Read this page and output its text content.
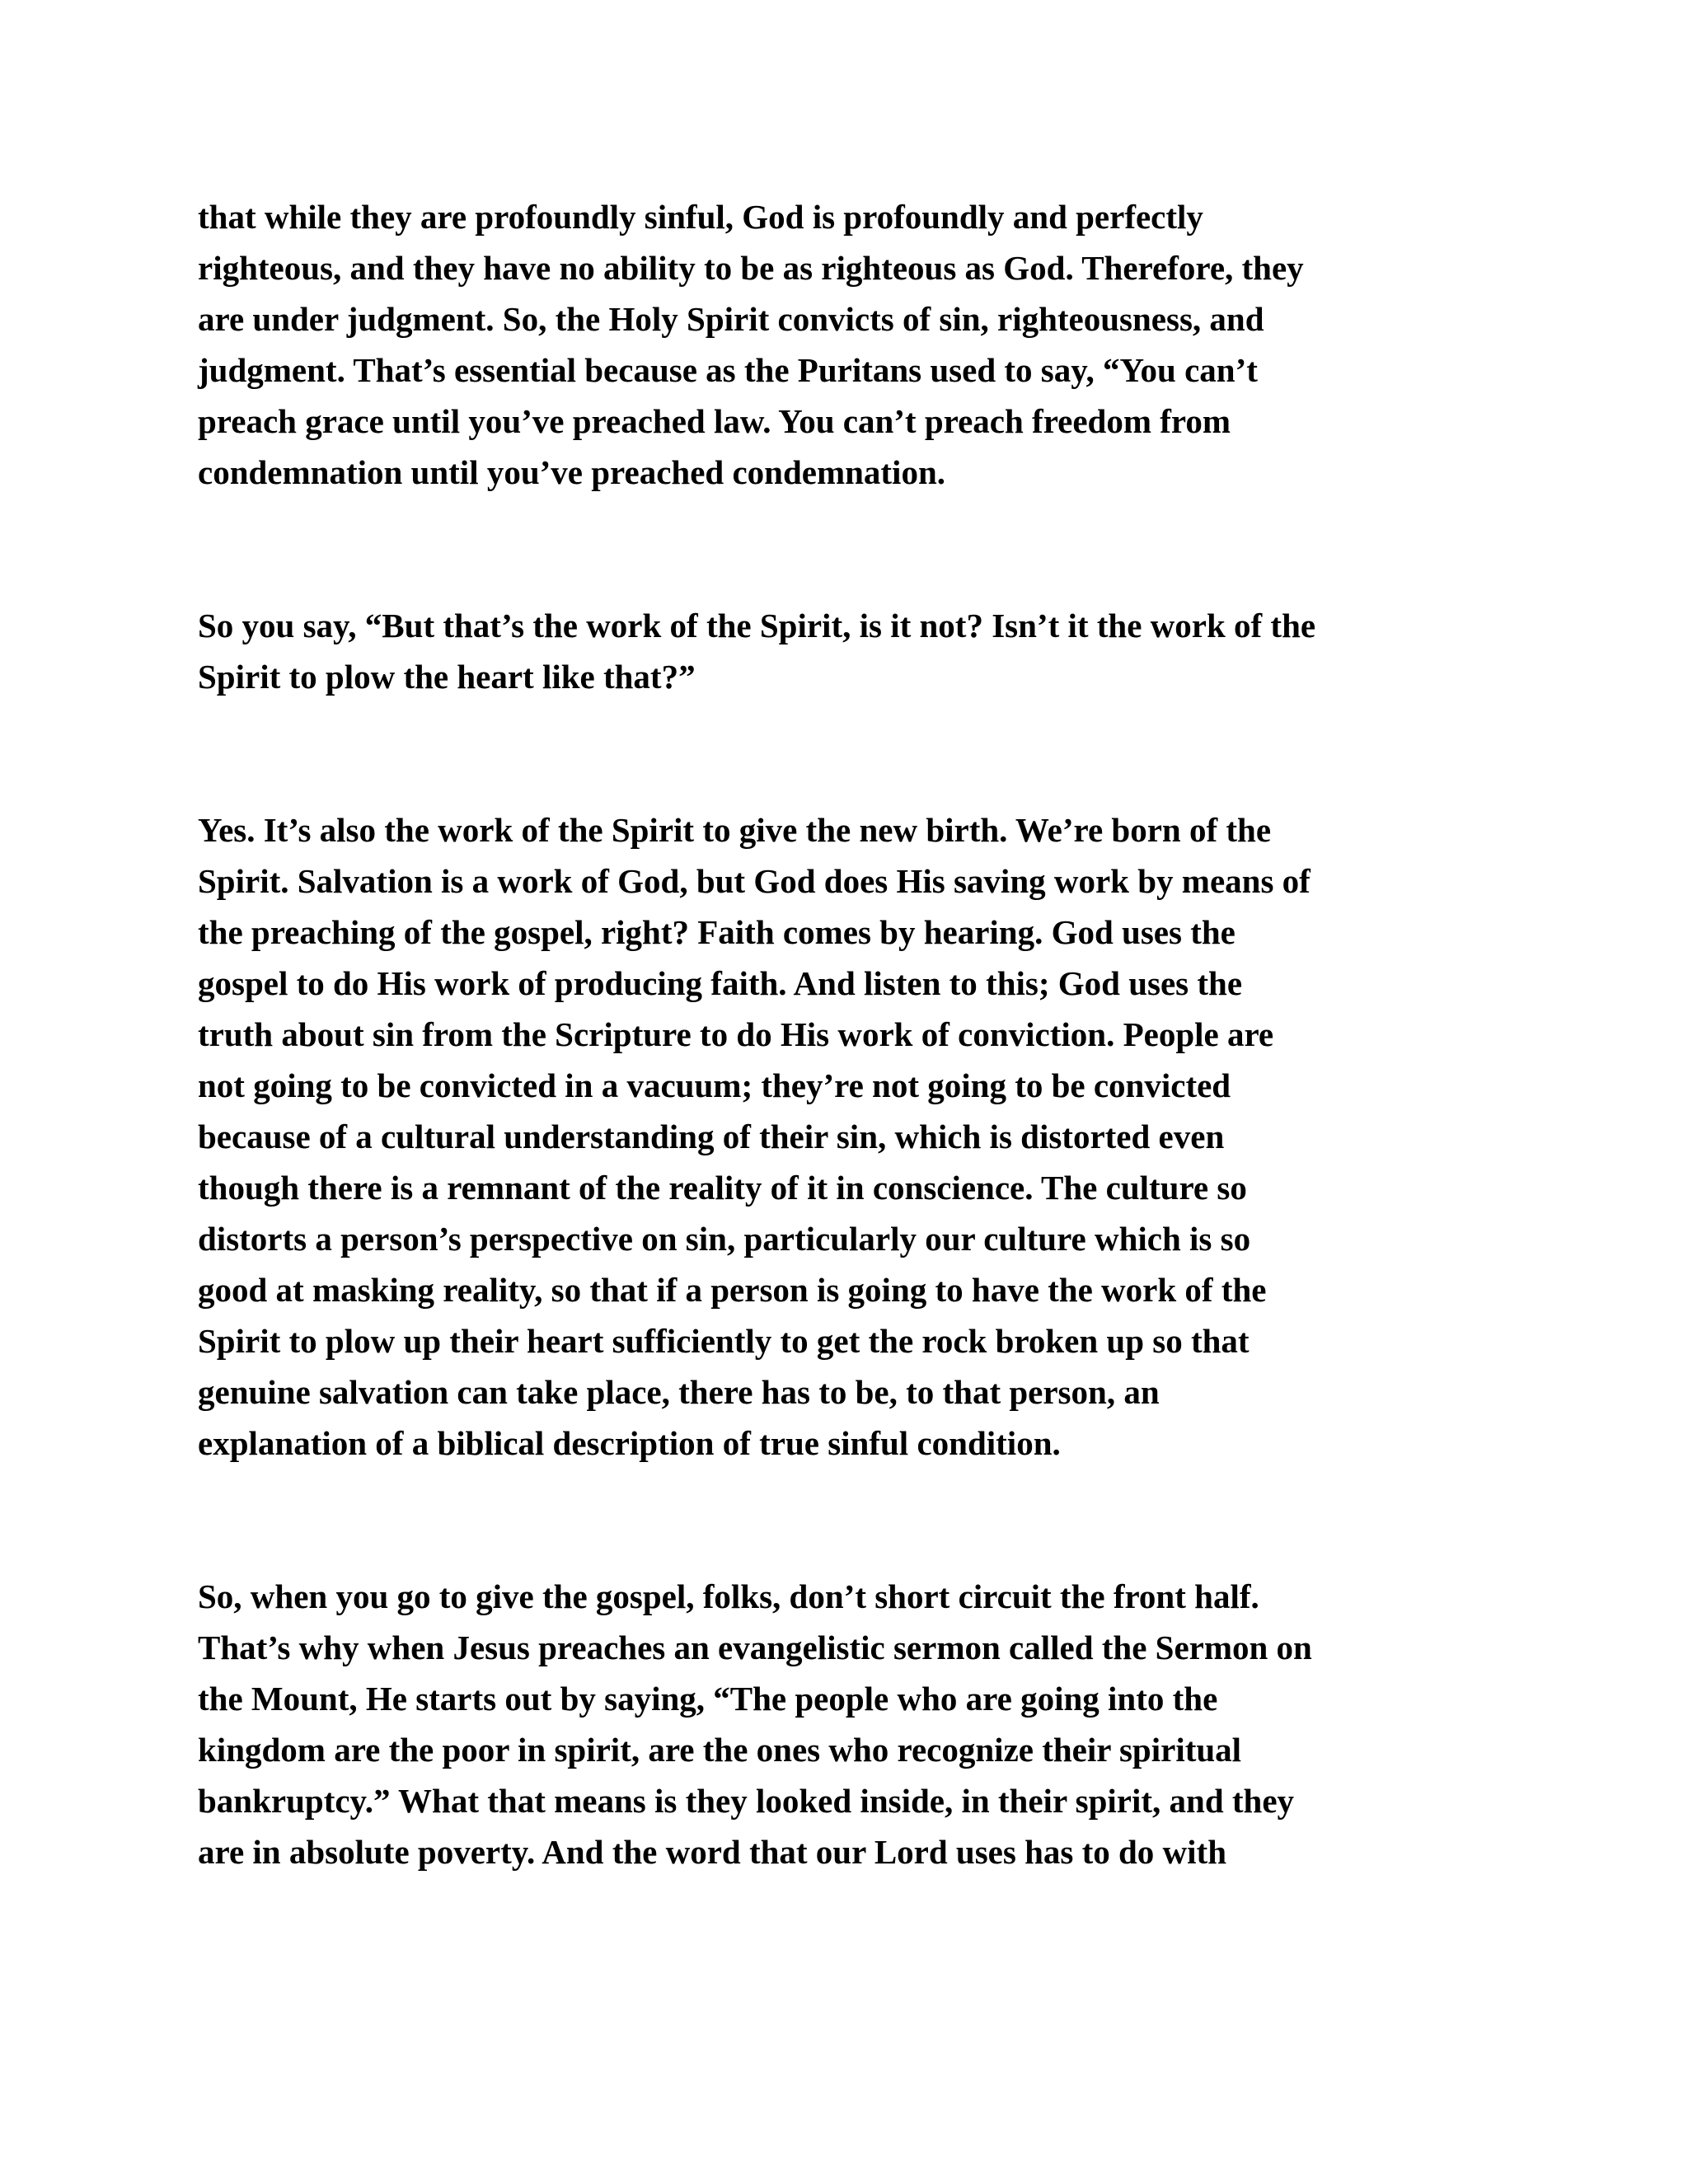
that while they are profoundly sinful, God is profoundly and perfectly
righteous, and they have no ability to be as righteous as God. Therefore, they
are under judgment. So, the Holy Spirit convicts of sin, righteousness, and
judgment. That’s essential because as the Puritans used to say, “You can’t
preach grace until you’ve preached law. You can’t preach freedom from
condemnation until you’ve preached condemnation.

So you say, “But that’s the work of the Spirit, is it not? Isn’t it the work of the
Spirit to plow the heart like that?”

Yes. It’s also the work of the Spirit to give the new birth. We’re born of the
Spirit. Salvation is a work of God, but God does His saving work by means of
the preaching of the gospel, right? Faith comes by hearing. God uses the
gospel to do His work of producing faith. And listen to this; God uses the
truth about sin from the Scripture to do His work of conviction. People are
not going to be convicted in a vacuum; they’re not going to be convicted
because of a cultural understanding of their sin, which is distorted even
though there is a remnant of the reality of it in conscience. The culture so
distorts a person’s perspective on sin, particularly our culture which is so
good at masking reality, so that if a person is going to have the work of the
Spirit to plow up their heart sufficiently to get the rock broken up so that
genuine salvation can take place, there has to be, to that person, an
explanation of a biblical description of true sinful condition.

So, when you go to give the gospel, folks, don’t short circuit the front half.
That’s why when Jesus preaches an evangelistic sermon called the Sermon on
the Mount, He starts out by saying, “The people who are going into the
kingdom are the poor in spirit, are the ones who recognize their spiritual
bankruptcy.” What that means is they looked inside, in their spirit, and they
are in absolute poverty. And the word that our Lord uses has to do with
